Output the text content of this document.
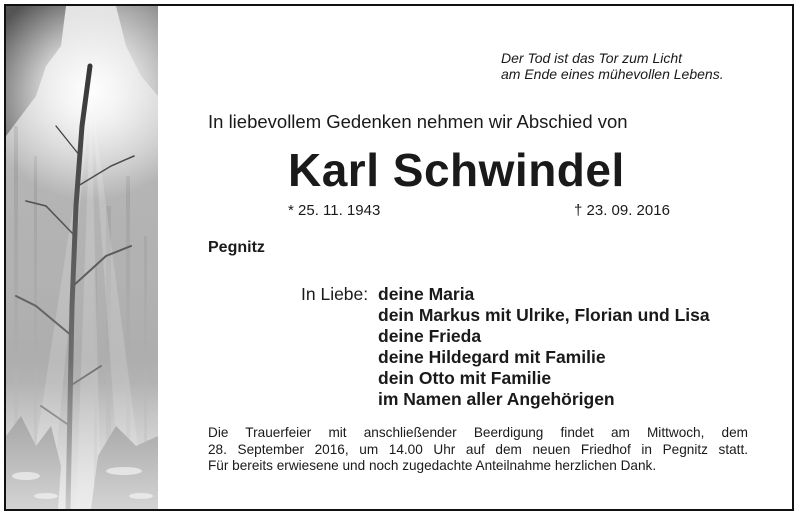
Der Tod ist das Tor zum Licht
am Ende eines mühevollen Lebens.
In liebevollem Gedenken nehmen wir Abschied von
Karl Schwindel
* 25. 11. 1943	† 23. 09. 2016
Pegnitz
In Liebe: deine Maria
dein Markus mit Ulrike, Florian und Lisa
deine Frieda
deine Hildegard mit Familie
dein Otto mit Familie
im Namen aller Angehörigen
Die Trauerfeier mit anschließender Beerdigung findet am Mittwoch, dem
28. September 2016, um 14.00 Uhr auf dem neuen Friedhof in Pegnitz statt.
Für bereits erwiesene und noch zugedachte Anteilnahme herzlichen Dank.
